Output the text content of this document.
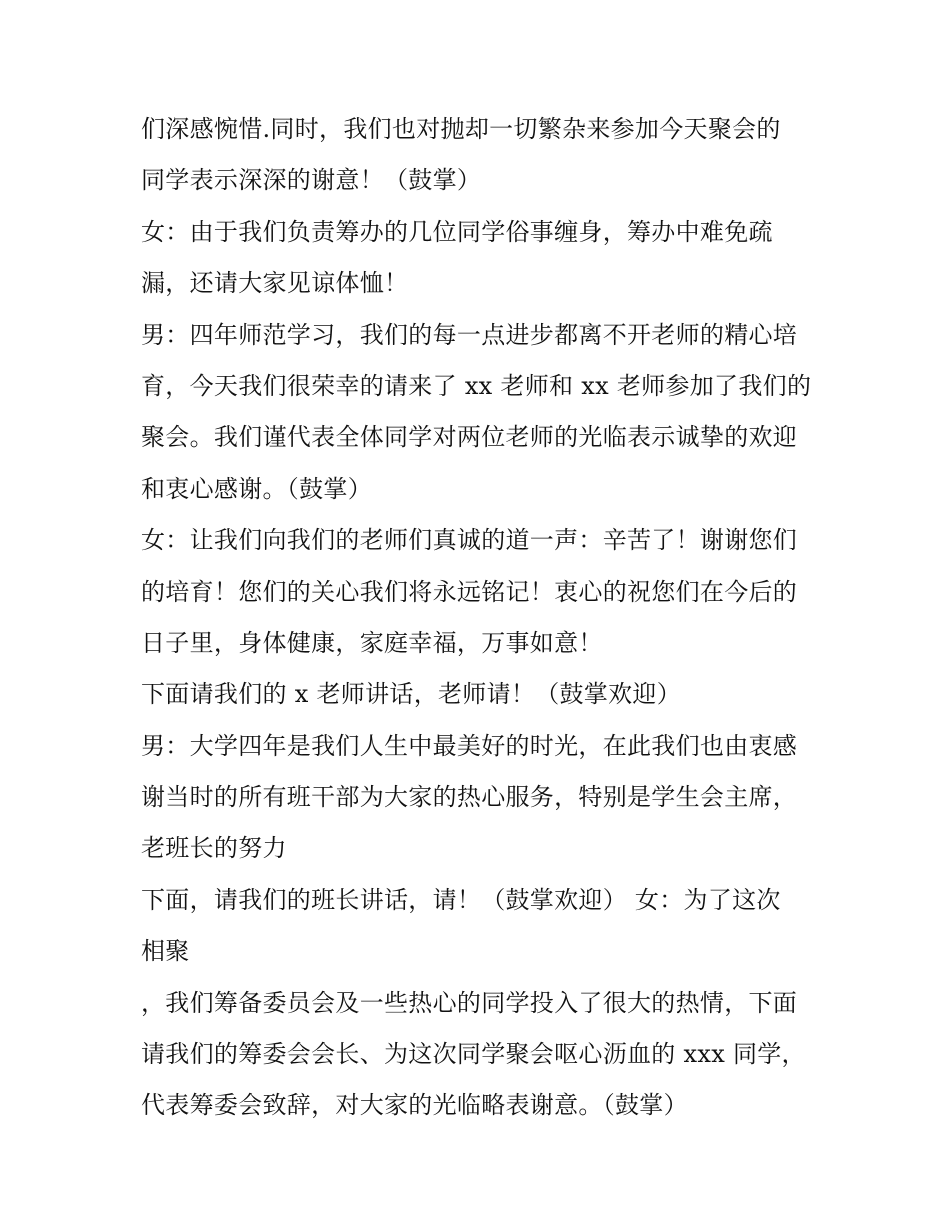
们深感惋惜.同时，我们也对抛却一切繁杂来参加今天聚会的
同学表示深深的谢意！（鼓掌）
女：由于我们负责筹办的几位同学俗事缠身，筹办中难免疏
漏，还请大家见谅体恤！
男：四年师范学习，我们的每一点进步都离不开老师的精心培
育，今天我们很荣幸的请来了 xx 老师和 xx 老师参加了我们的
聚会。我们谨代表全体同学对两位老师的光临表示诚挚的欢迎
和衷心感谢。（鼓掌）
女：让我们向我们的老师们真诚的道一声：辛苦了！谢谢您们
的培育！您们的关心我们将永远铭记！衷心的祝您们在今后的
日子里，身体健康，家庭幸福，万事如意！
下面请我们的 x 老师讲话，老师请！（鼓掌欢迎）
男：大学四年是我们人生中最美好的时光，在此我们也由衷感
谢当时的所有班干部为大家的热心服务，特别是学生会主席，
老班长的努力
下面，请我们的班长讲话，请！（鼓掌欢迎） 女：为了这次
相聚
，我们筹备委员会及一些热心的同学投入了很大的热情，下面
请我们的筹委会会长、为这次同学聚会呕心沥血的 xxx 同学，
代表筹委会致辞，对大家的光临略表谢意。（鼓掌）
